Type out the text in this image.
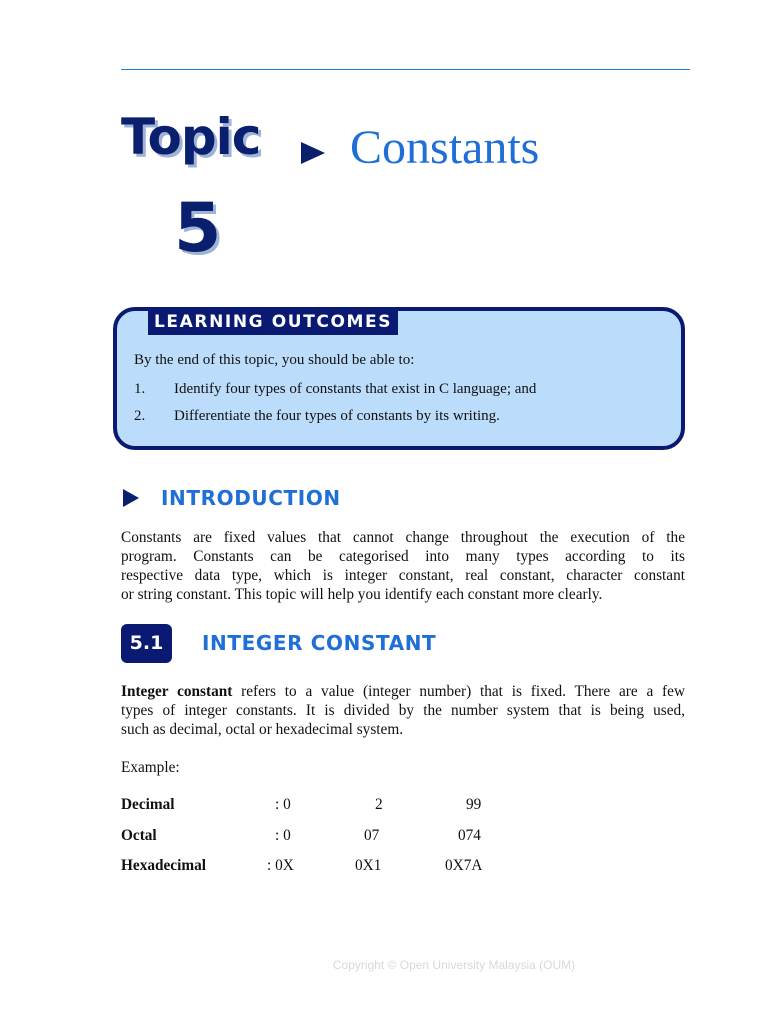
Topic Constants
5
LEARNING OUTCOMES
By the end of this topic, you should be able to:
1. Identify four types of constants that exist in C language; and
2. Differentiate the four types of constants by its writing.
INTRODUCTION
Constants are fixed values that cannot change throughout the execution of the
program. Constants can be categorised into many types according to its
respective data type, which is integer constant, real constant, character constant
or string constant. This topic will help you identify each constant more clearly.
5.1	INTEGER CONSTANT
Integer constant refers to a value (integer number) that is fixed. There are a few
types of integer constants. It is divided by the number system that is being used,
such as decimal, octal or hexadecimal system.
Example:
Decimal	: 0	2	99
Octal	: 0	07	074
Hexadecimal	: 0X	0X1	0X7A
Copyright © Open University Malaysia (OUM)
